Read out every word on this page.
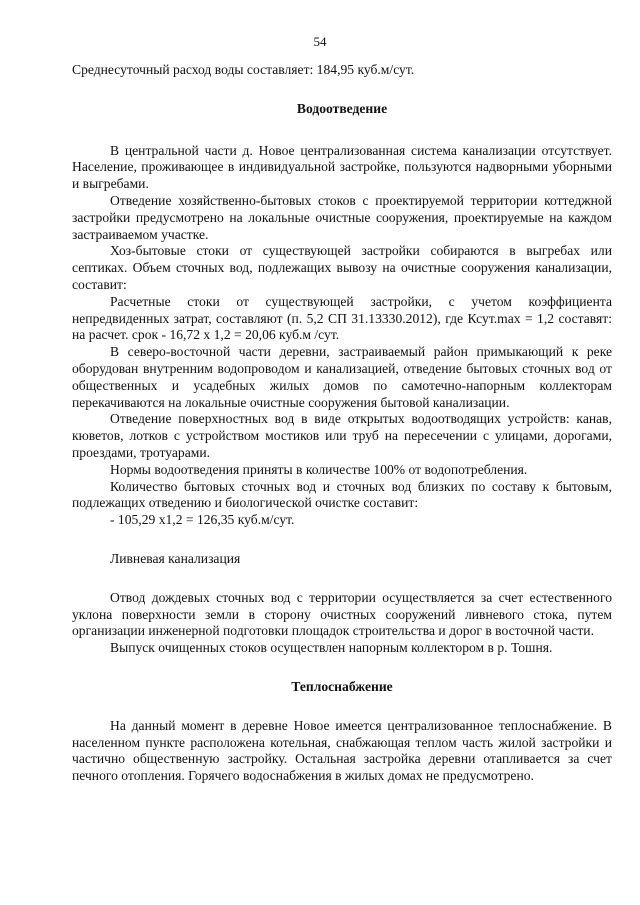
54

Среднесуточный расход воды составляет: 184,95 куб.м/сут.

Водоотведение

В центральной части д. Новое централизованная система канализации отсутствует. Население, проживающее в индивидуальной застройке, пользуются надворными уборными и выгребами.

Отведение хозяйственно-бытовых стоков с проектируемой территории коттеджной застройки предусмотрено на локальные очистные сооружения, проектируемые на каждом застраиваемом участке.

Хоз-бытовые стоки от существующей застройки собираются в выгребах или септиках. Объем сточных вод, подлежащих вывозу на очистные сооружения канализации, составит:

Расчетные стоки от существующей застройки, с учетом коэффициента непредвиденных затрат, составляют (п. 5,2 СП 31.13330.2012), где Ксут.max = 1,2 составят: на расчет. срок - 16,72 х 1,2 = 20,06 куб.м /сут.

В северо-восточной части деревни, застраиваемый район примыкающий к реке оборудован внутренним водопроводом и канализацией, отведение бытовых сточных вод от общественных и усадебных жилых домов по самотечно-напорным коллекторам перекачиваются на локальные очистные сооружения бытовой канализации.

Отведение поверхностных вод в виде открытых водоотводящих устройств: канав, кюветов, лотков с устройством мостиков или труб на пересечении с улицами, дорогами, проездами, тротуарами.

Нормы водоотведения приняты в количестве 100% от водопотребления.

Количество бытовых сточных вод и сточных вод близких по составу к бытовым, подлежащих отведению и биологической очистке составит:

- 105,29 х1,2 = 126,35 куб.м/сут.

Ливневая канализация

Отвод дождевых сточных вод с территории осуществляется за счет естественного уклона поверхности земли в сторону очистных сооружений ливневого стока, путем организации инженерной подготовки площадок строительства и дорог в восточной части.

Выпуск очищенных стоков осуществлен напорным коллектором в р. Тошня.

Теплоснабжение

На данный момент в деревне Новое имеется централизованное теплоснабжение. В населенном пункте расположена котельная, снабжающая теплом часть жилой застройки и частично общественную застройку. Остальная застройка деревни отапливается за счет печного отопления. Горячего водоснабжения в жилых домах не предусмотрено.
